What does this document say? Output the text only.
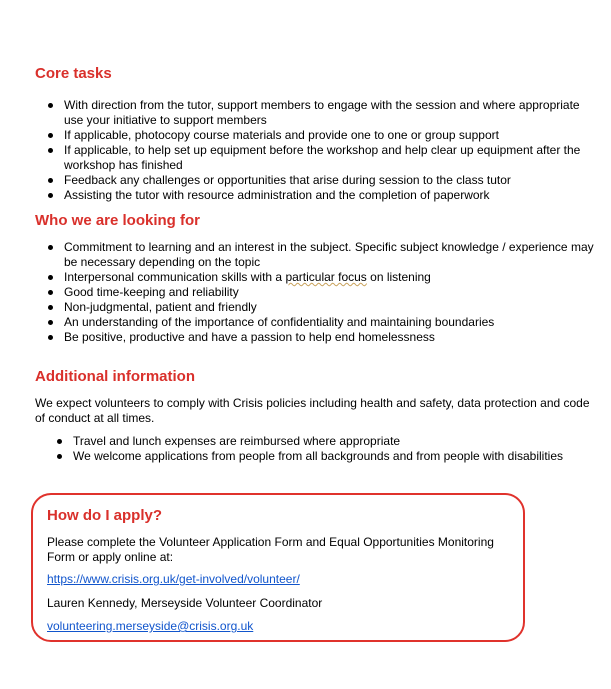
Core tasks
With direction from the tutor, support members to engage with the session and where appropriate use your initiative to support members
If applicable, photocopy course materials and provide one to one or group support
If applicable, to help set up equipment before the workshop and help clear up equipment after the workshop has finished
Feedback any challenges or opportunities that arise during session to the class tutor
Assisting the tutor with resource administration and the completion of paperwork
Who we are looking for
Commitment to learning and an interest in the subject. Specific subject knowledge / experience may be necessary depending on the topic
Interpersonal communication skills with a particular focus on listening
Good time-keeping and reliability
Non-judgmental, patient and friendly
An understanding of the importance of confidentiality and maintaining boundaries
Be positive, productive and have a passion to help end homelessness
Additional information

We expect volunteers to comply with Crisis policies including health and safety, data protection and code of conduct at all times.

Travel and lunch expenses are reimbursed where appropriate
We welcome applications from people from all backgrounds and from people with disabilities
How do I apply?

Please complete the Volunteer Application Form and Equal Opportunities Monitoring Form or apply online at:

https://www.crisis.org.uk/get-involved/volunteer/

Lauren Kennedy, Merseyside Volunteer Coordinator

volunteering.merseyside@crisis.org.uk
